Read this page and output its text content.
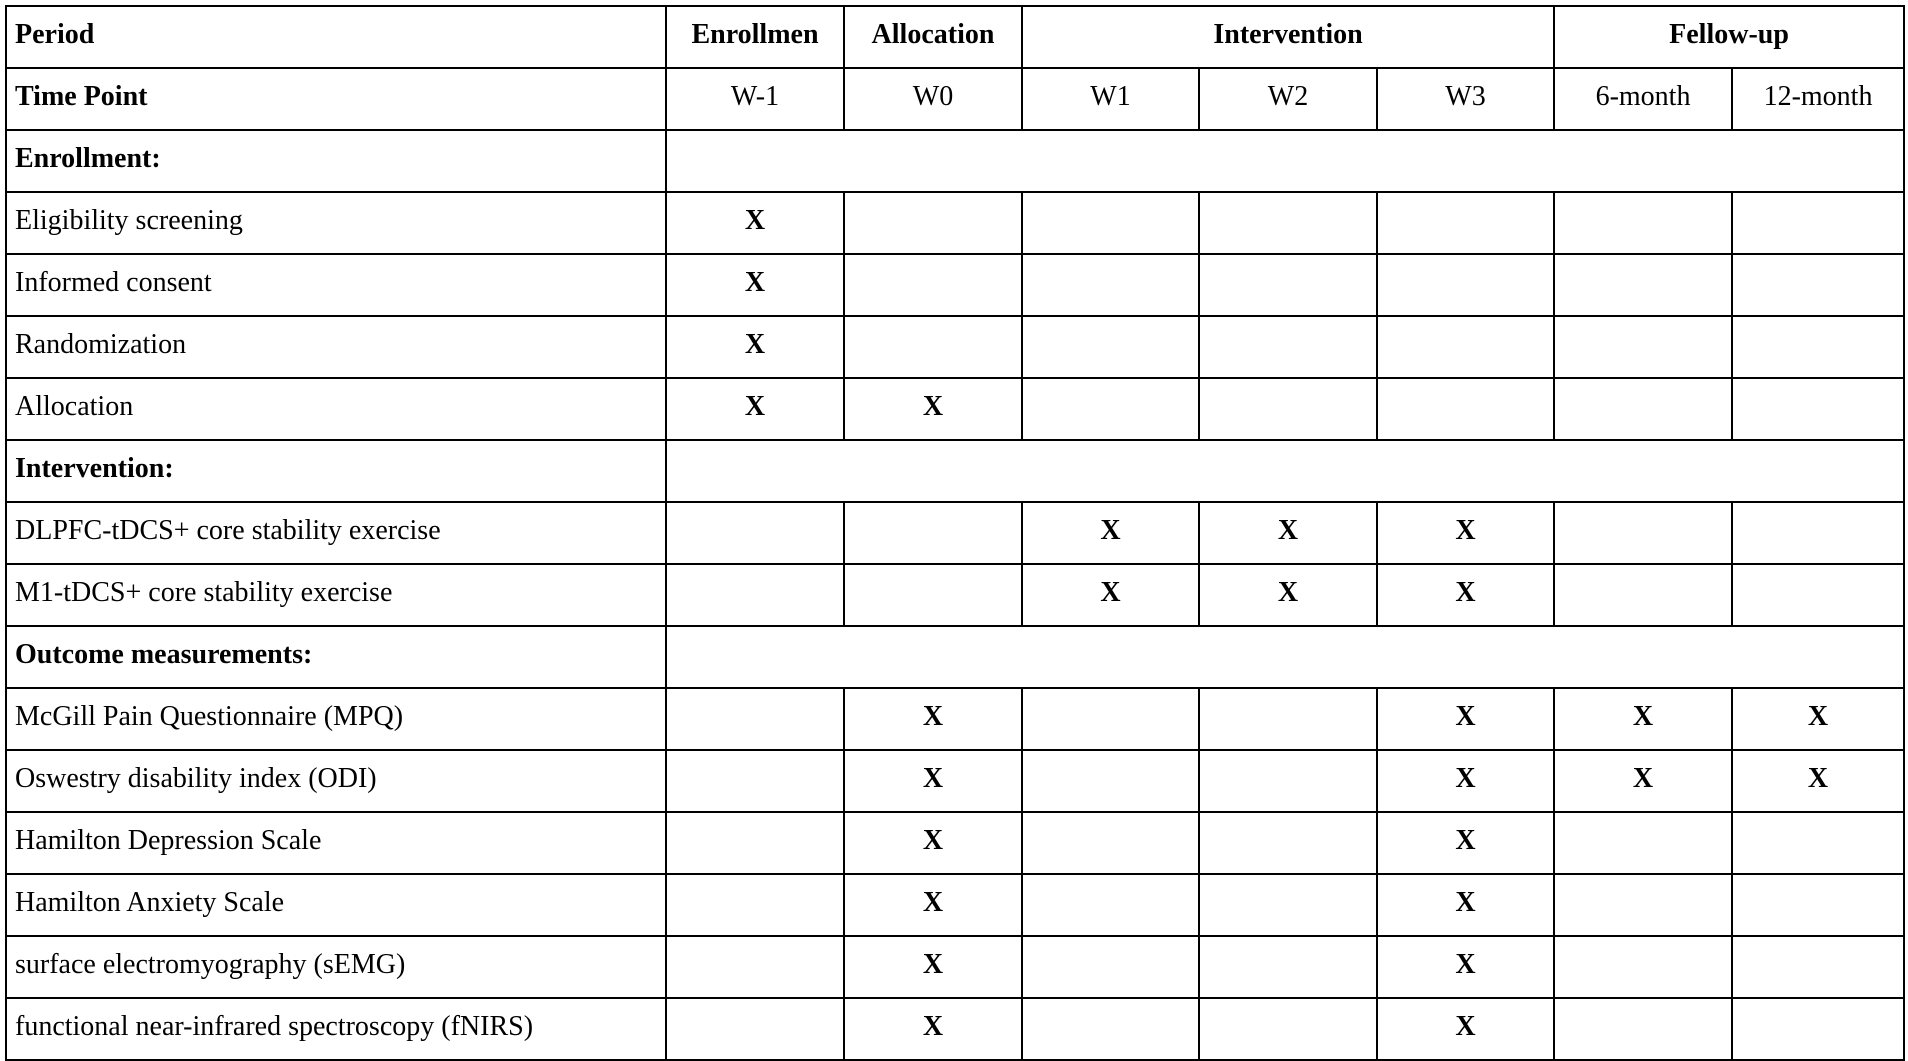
Period	Enrollmen	Allocation	Intervention			Fellow-up	
Time Point	W-1	W0	W1	W2	W3	6-month	12-month
Enrollment:							
Eligibility screening	X						
Informed consent	X						
Randomization	X						
Allocation	X	X					
Intervention:							
DLPFC-tDCS+ core stability exercise			X	X	X		
M1-tDCS+ core stability exercise			X	X	X		
Outcome measurements:							
McGill Pain Questionnaire (MPQ)		X			X	X	X
Oswestry disability index (ODI)		X			X	X	X
Hamilton Depression Scale		X			X		
Hamilton Anxiety Scale		X			X		
surface electromyography (sEMG)		X			X		
functional near-infrared spectroscopy (fNIRS)		X			X		
